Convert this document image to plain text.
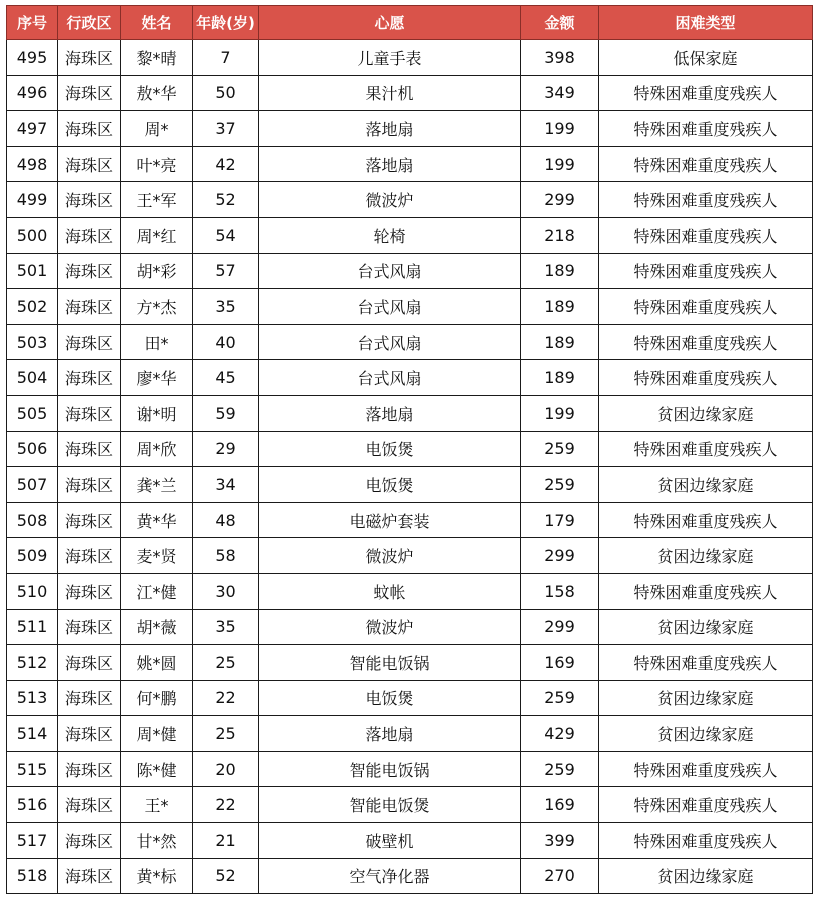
序号	行政区	姓名	年龄(岁)	心愿	金额	困难类型
495	海珠区	黎*晴	7	儿童手表	398	低保家庭
496	海珠区	敖*华	50	果汁机	349	特殊困难重度残疾人
497	海珠区	周*	37	落地扇	199	特殊困难重度残疾人
498	海珠区	叶*亮	42	落地扇	199	特殊困难重度残疾人
499	海珠区	王*军	52	微波炉	299	特殊困难重度残疾人
500	海珠区	周*红	54	轮椅	218	特殊困难重度残疾人
501	海珠区	胡*彩	57	台式风扇	189	特殊困难重度残疾人
502	海珠区	方*杰	35	台式风扇	189	特殊困难重度残疾人
503	海珠区	田*	40	台式风扇	189	特殊困难重度残疾人
504	海珠区	廖*华	45	台式风扇	189	特殊困难重度残疾人
505	海珠区	谢*明	59	落地扇	199	贫困边缘家庭
506	海珠区	周*欣	29	电饭煲	259	特殊困难重度残疾人
507	海珠区	龚*兰	34	电饭煲	259	贫困边缘家庭
508	海珠区	黄*华	48	电磁炉套装	179	特殊困难重度残疾人
509	海珠区	麦*贤	58	微波炉	299	贫困边缘家庭
510	海珠区	江*健	30	蚊帐	158	特殊困难重度残疾人
511	海珠区	胡*薇	35	微波炉	299	贫困边缘家庭
512	海珠区	姚*圆	25	智能电饭锅	169	特殊困难重度残疾人
513	海珠区	何*鹏	22	电饭煲	259	贫困边缘家庭
514	海珠区	周*健	25	落地扇	429	贫困边缘家庭
515	海珠区	陈*健	20	智能电饭锅	259	特殊困难重度残疾人
516	海珠区	王*	22	智能电饭煲	169	特殊困难重度残疾人
517	海珠区	甘*然	21	破壁机	399	特殊困难重度残疾人
518	海珠区	黄*标	52	空气净化器	270	贫困边缘家庭
